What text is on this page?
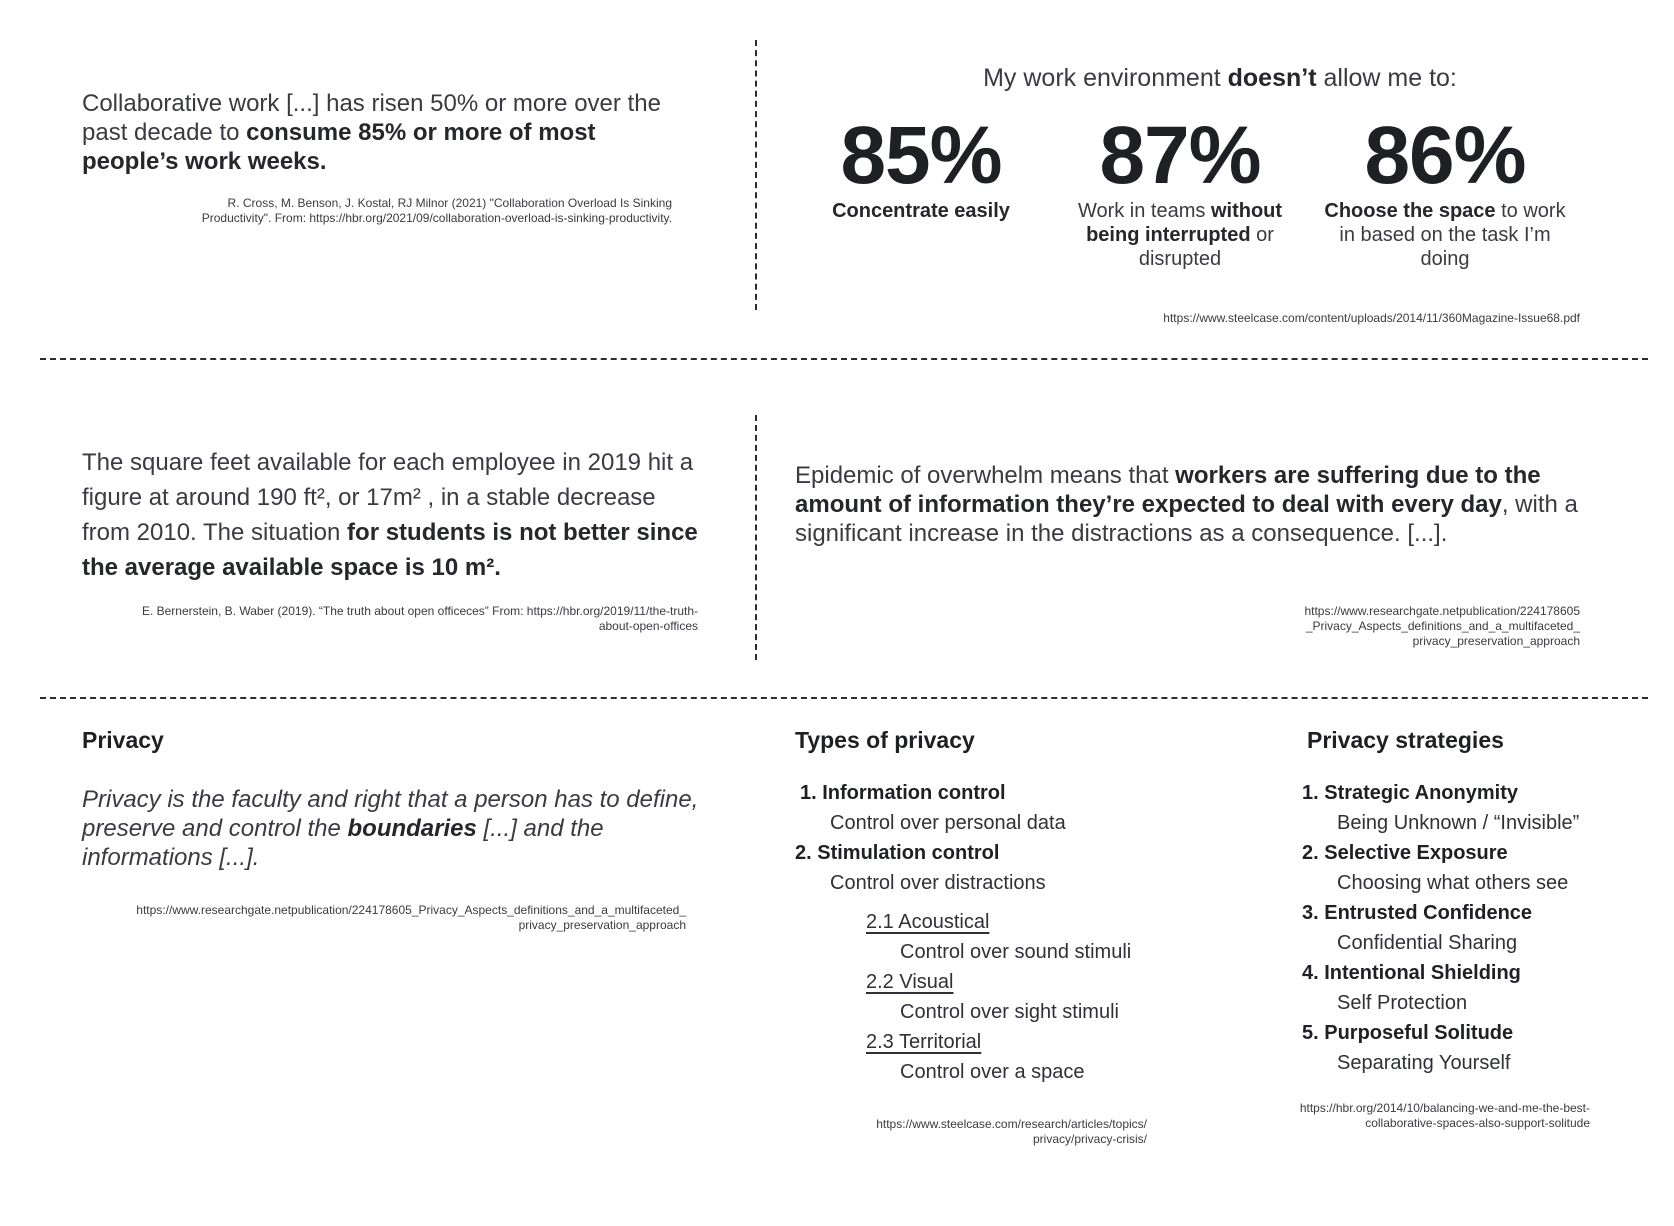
Collaborative work [...] has risen 50% or more over the past decade to consume 85% or more of most people’s work weeks.
R. Cross, M. Benson, J. Kostal, RJ Milnor (2021) "Collaboration Overload Is Sinking Productivity". From: https://hbr.org/2021/09/collaboration-overload-is-sinking-productivity.
My work environment doesn’t allow me to:
85%
Concentrate easily
87%
Work in teams without being interrupted or disrupted
86%
Choose the space to work in based on the task I’m doing
https://www.steelcase.com/content/uploads/2014/11/360Magazine-Issue68.pdf
The square feet available for each employee in 2019 hit a figure at around 190 ft², or 17m² , in a stable decrease from 2010. The situation for students is not better since the average available space is 10 m².
E. Bernerstein, B. Waber (2019). “The truth about open officeces” From: https://hbr.org/2019/11/the-truth-about-open-offices
Epidemic of overwhelm means that workers are suffering due to the amount of information they’re expected to deal with every day, with a significant increase in the distractions as a consequence. [...].
https://www.researchgate.netpublication/224178605
_Privacy_Aspects_definitions_and_a_multifaceted_
privacy_preservation_approach
Privacy
Privacy is the faculty and right that a person has to define, preserve and control the boundaries [...] and the informations [...].
https://www.researchgate.netpublication/224178605_Privacy_Aspects_definitions_and_a_multifaceted_
privacy_preservation_approach
Types of privacy
1. Information control
Control over personal data
2. Stimulation control
Control over distractions
2.1 Acoustical
Control over sound stimuli
2.2 Visual
Control over sight stimuli
2.3 Territorial
Control over a space
https://www.steelcase.com/research/articles/topics/
privacy/privacy-crisis/
Privacy strategies
1. Strategic Anonymity
Being Unknown / “Invisible”
2. Selective Exposure
Choosing what others see
3. Entrusted Confidence
Confidential Sharing
4. Intentional Shielding
Self Protection
5. Purposeful Solitude
Separating Yourself
https://hbr.org/2014/10/balancing-we-and-me-the-best-
collaborative-spaces-also-support-solitude
